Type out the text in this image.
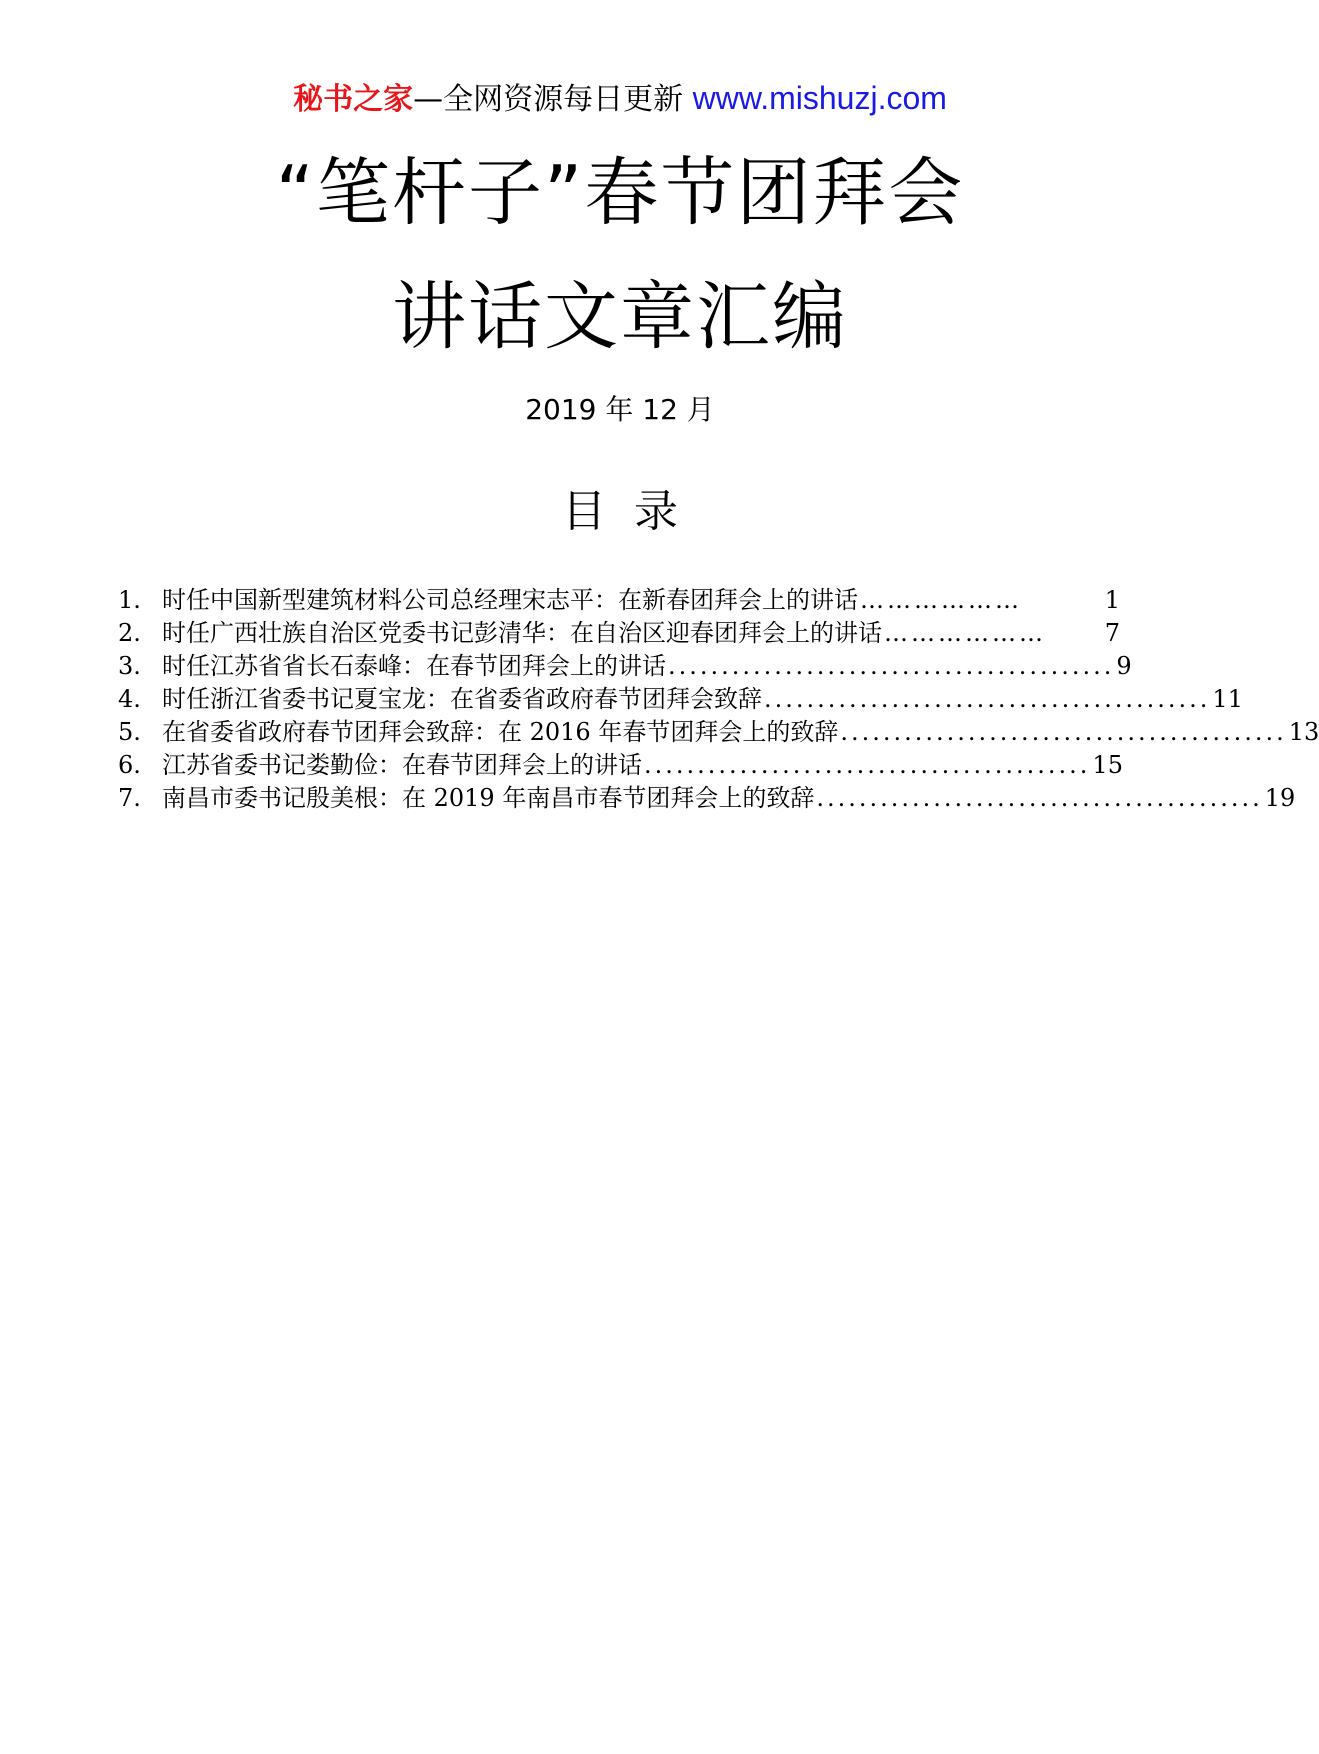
秘书之家—全网资源每日更新 www.mishuzj.com
“笔杆子”春节团拜会
讲话文章汇编
2019 年 12 月
目录
1. 时任中国新型建筑材料公司总经理宋志平：在新春团拜会上的讲话 ………………	1
2. 时任广西壮族自治区党委书记彭清华：在自治区迎春团拜会上的讲话 ………………	7
3. 时任江苏省省长石泰峰：在春节团拜会上的讲话 .......................................... 9
4. 时任浙江省委书记夏宝龙：在省委省政府春节团拜会致辞 .......................................... 11
5. 在省委省政府春节团拜会致辞：在 2016 年春节团拜会上的致辞 .......................................... 13
6. 江苏省委书记娄勤俭：在春节团拜会上的讲话 .......................................... 15
7. 南昌市委书记殷美根：在 2019 年南昌市春节团拜会上的致辞 .......................................... 19
